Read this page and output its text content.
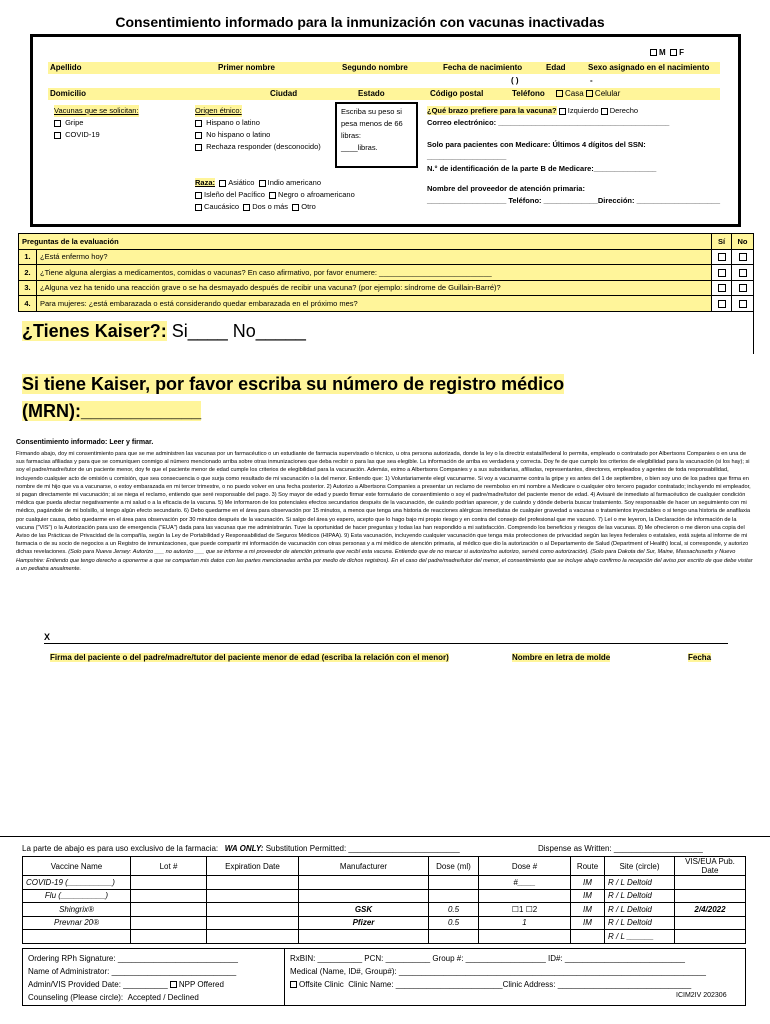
Consentimiento informado para la inmunización con vacunas inactivadas
M F
Apellido	Primer nombre	Segundo nombre	Fecha de nacimiento	Edad	Sexo asignado en el nacimiento
( )	-
Domicilio	Ciudad	Estado	Código postal	Teléfono	Casa Celular
Vacunas que se solicitan:
Gripe
COVID-19
Origen étnico:
Hispano o latino
No hispano o latino
Rechaza responder (desconocido)
Escriba su peso si pesa menos de 66 libras:
____libras.
Raza: Asiático Indio americano
Isleño del Pacífico Negro o afroamericano
Caucásico Dos o más Otro
¿Qué brazo prefiere para la vacuna? Izquierdo Derecho
Correo electrónico: _________________________________________
Solo para pacientes con Medicare: Últimos 4 dígitos del SSN: ___________________
N.° de identificación de la parte B de Medicare:_______________
Nombre del proveedor de atención primaria:
___________________ Teléfono: _____________Dirección: ____________________
Preguntas de la evaluación		Sí	No
1.	¿Está enfermo hoy?		
2.	¿Tiene alguna alergias a medicamentos, comidas o vacunas? En caso afirmativo, por favor enumere: ___________________________		
3.	¿Alguna vez ha tenido una reacción grave o se ha desmayado después de recibir una vacuna? (por ejemplo: síndrome de Guillain-Barré)?		
4.	Para mujeres: ¿está embarazada o está considerando quedar embarazada en el próximo mes?		
¿Tienes Kaiser?: Si____ No_____
Si tiene Kaiser, por favor escriba su número de registro médico
(MRN):____________
Consentimiento informado: Leer y firmar.
Firmando abajo, doy mi consentimiento para que se me administren las vacunas por un farmacéutico o un estudiante de farmacia supervisado o técnico, u otra persona autorizada, donde la ley o la directriz estatal/federal lo permita, empleado o contratado por Albertsons Companies o en una de sus farmacias afiliadas y para que se comuniquen conmigo al número mencionado arriba sobre otras inmunizaciones que deba recibir o para las que sea elegible. La información de arriba es verdadera y correcta. Doy fe de que cumplo los criterios de elegibilidad para la vacunación (si los hay); si soy el padre/madre/tutor de un paciente menor, doy fe que el paciente menor de edad cumple los criterios de elegibilidad para la vacunación. Además, eximo a Albertsons Companies y a sus subsidiarias, afiliadas, representantes, directores, empleados y agentes de toda responsabilidad, incluyendo cualquier acto de omisión u comisión, que sea consecuencia o que surja como resultado de mi vacunación o la del menor. Entiendo que: 1) Voluntariamente elegí vacunarme. Si voy a vacunarme contra la gripe y es antes del 1 de septiembre, o bien soy uno de los padres que firma en nombre de mi hijo que va a vacunarse, o estoy embarazada en mi tercer trimestre, o no puedo volver en una fecha posterior. 2) Autorizo a Albertsons Companies a presentar un reclamo de reembolso en mi nombre a Medicare o cualquier otro tercero pagador contratado; incluyendo mi empleador, si pagan directamente mi vacunación; si se niega el reclamo, entiendo que seré responsable del pago. 3) Soy mayor de edad y puedo firmar este formulario de consentimiento o soy el padre/madre/tutor del paciente menor de edad. 4) Avisaré de inmediato al farmacéutico de cualquier condición médica que pueda afectar negativamente a mi salud o a la eficacia de la vacuna. 5) Me informaron de los potenciales efectos secundarios después de la vacunación, de cuándo podrían aparecer, y de cuándo y dónde debería buscar tratamiento. Soy responsable de hacer un seguimiento con mi médico, pagándole de mi bolsillo, si tengo algún efecto secundario. 6) Debo quedarme en el área para observación por 15 minutos, a menos que tenga una historia de reacciones alérgicas inmediatas de cualquier gravedad a vacunas o tratamientos inyectables o si tengo una historia de anafilaxia por cualquier causa, debo quedarme en el área para observación por 30 minutos después de la vacunación. Si salgo del área yo espero, acepto que lo hago bajo mi propio riesgo y en contra del consejo del profesional que me vacunó. 7) Leí o me leyeron, la Declaración de información de la vacuna ("VIS") o la Autorización para uso de emergencia ("EUA") dada para las vacunas que me administrarán. Tuve la oportunidad de hacer preguntas y todas las han respondido a mi satisfacción. Comprendo los beneficios y riesgos de las vacunas. 8) Me ofrecieron o me dieron una copia del Aviso de las Prácticas de Privacidad de la compañía, según la Ley de Portabilidad y Responsabilidad de Seguros Médicos (HIPAA). 9) Esta vacunación, incluyendo cualquier vacunación que tenga más protecciones de privacidad según las leyes federales o estatales, está sujeta al informe de mi farmacia o de su socio de negocios a un Registro de inmunizaciones, que puede compartir mi información de vacunación con otras personas y a mi médico de atención primaria, al médico que dio la autorización o al Departamento de Salud (Department of Health) local, si corresponde, y autorizo dichas revelaciones. (Solo para Nueva Jersey: Autorizo ___ no autorizo ___ que se informe a mi proveedor de atención primaria que recibí esta vacuna. Entiendo que de no marcar si autorizo/no autorizo, servirá como autorización). (Solo para Dakota del Sur, Maine, Massachusetts y Nuevo Hampshire: Entiendo que tengo derecho a oponerme a que se compartan mis datos con las partes mencionadas arriba por medio de dichos registros). En el caso del padre/madre/tutor del menor, el consentimiento que se incluye abajo confirmo la recepción del aviso por escrito de que debe visitar a un pediatra anualmente.
X
Firma del paciente o del padre/madre/tutor del paciente menor de edad (escriba la relación con el menor)	Nombre en letra de molde	Fecha
La parte de abajo es para uso exclusivo de la farmacia: WA ONLY: Substitution Permitted: _________________________	Dispense as Written: ____________________
Vaccine Name	Lot #	Expiration Date	Manufacturer	Dose (ml)	Dose #	Route	Site (circle)	VIS/EUA Pub. Date
COVID-19 (__________)					#____	IM	R / L Deltoid	
Flu (__________)						IM	R / L Deltoid	
Shingrix®			GSK	0.5	☐1 ☐2	IM	R / L Deltoid	2/4/2022
Prevnar 20®			Pfizer	0.5	1	IM	R / L Deltoid	
							R / L ______	
Ordering RPh Signature: ___________________________
Name of Administrator: ____________________________
Admin/VIS Provided Date: __________ NPP Offered
Counseling (Please circle): Accepted / Declined
RxBIN: __________ PCN: __________ Group #: __________________ ID#: ___________________________
Medical (Name, ID#, Group#): _____________________________________________________________________
Offsite Clinic Clinic Name: ________________________Clinic Address: ______________________________
ICIM2IV 202306
